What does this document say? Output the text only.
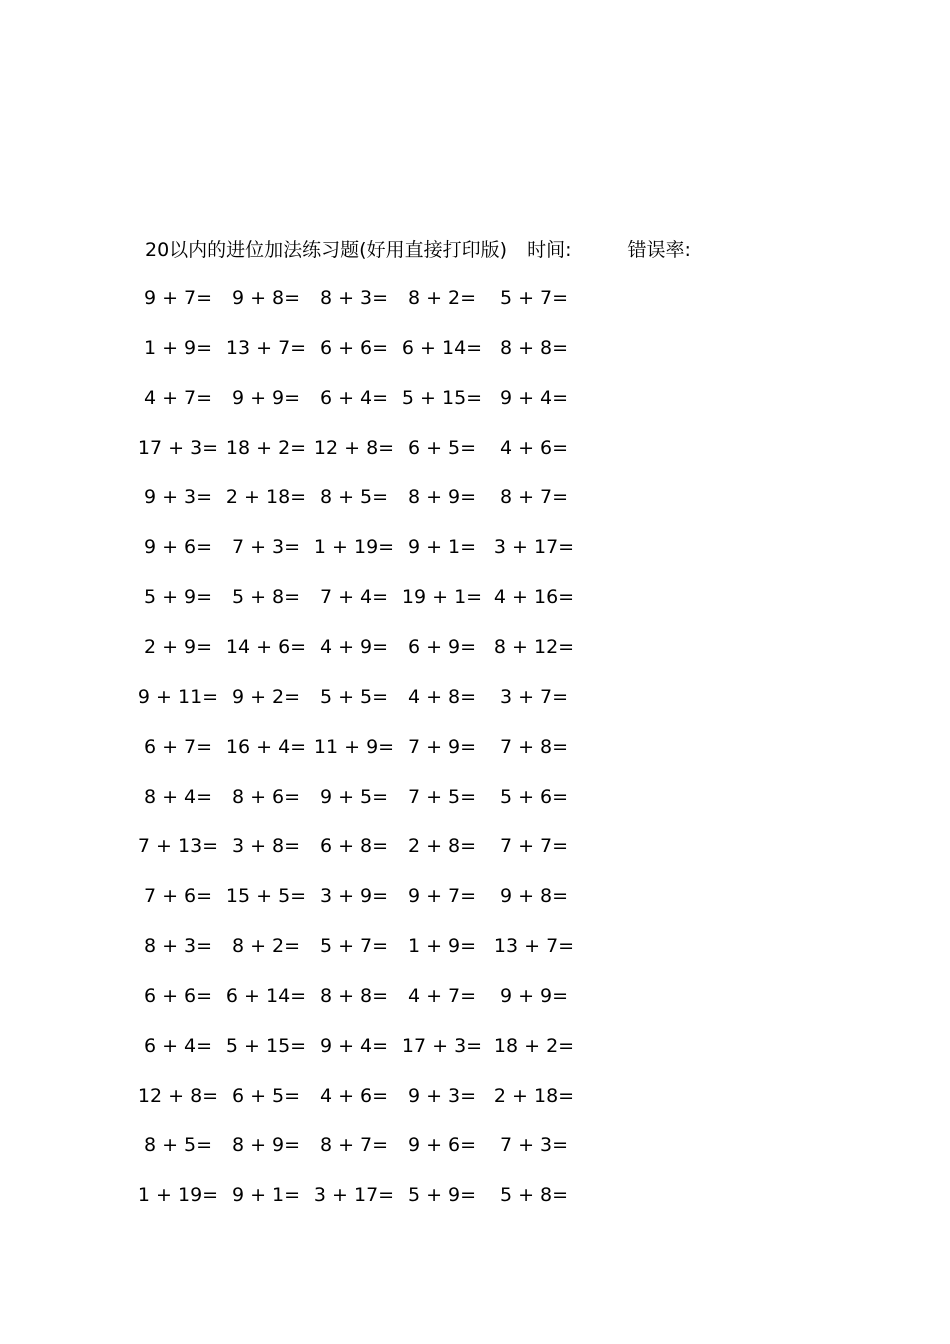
20以内的进位加法练习题(好用直接打印版) 时间:	错误率:
9 + 7= 9 + 8= 8 + 3= 8 + 2= 5 + 7=
1 + 9= 13 + 7= 6 + 6= 6 + 14= 8 + 8=
4 + 7= 9 + 9= 6 + 4= 5 + 15= 9 + 4=
17 + 3= 18 + 2= 12 + 8= 6 + 5= 4 + 6=
9 + 3= 2 + 18= 8 + 5= 8 + 9= 8 + 7=
9 + 6= 7 + 3= 1 + 19= 9 + 1= 3 + 17=
5 + 9= 5 + 8= 7 + 4= 19 + 1= 4 + 16=
2 + 9= 14 + 6= 4 + 9= 6 + 9= 8 + 12=
9 + 11= 9 + 2= 5 + 5= 4 + 8= 3 + 7=
6 + 7= 16 + 4= 11 + 9= 7 + 9= 7 + 8=
8 + 4= 8 + 6= 9 + 5= 7 + 5= 5 + 6=
7 + 13= 3 + 8= 6 + 8= 2 + 8= 7 + 7=
7 + 6= 15 + 5= 3 + 9= 9 + 7= 9 + 8=
8 + 3= 8 + 2= 5 + 7= 1 + 9= 13 + 7=
6 + 6= 6 + 14= 8 + 8= 4 + 7= 9 + 9=
6 + 4= 5 + 15= 9 + 4= 17 + 3= 18 + 2=
12 + 8= 6 + 5= 4 + 6= 9 + 3= 2 + 18=
8 + 5= 8 + 9= 8 + 7= 9 + 6= 7 + 3=
1 + 19= 9 + 1= 3 + 17= 5 + 9= 5 + 8=
